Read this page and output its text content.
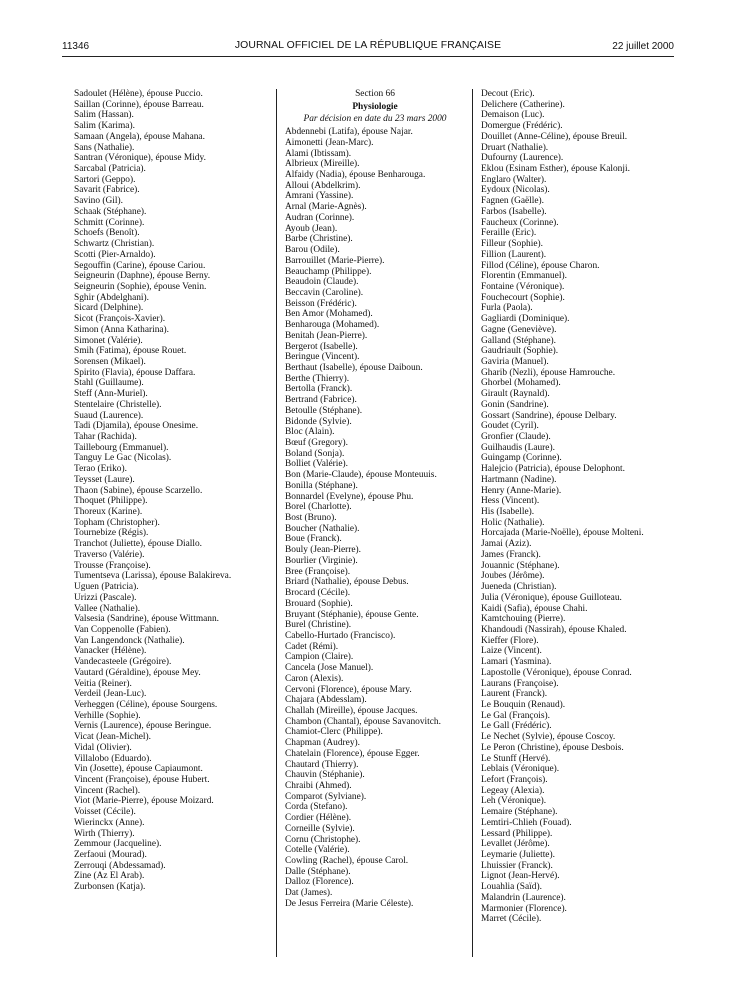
11346	JOURNAL OFFICIEL DE LA RÉPUBLIQUE FRANÇAISE	22 juillet 2000
Sadoulet (Hélène), épouse Puccio.
Saillan (Corinne), épouse Barreau.
Salim (Hassan).
Salim (Karima).
Samaan (Angela), épouse Mahana.
Sans (Nathalie).
Santran (Véronique), épouse Midy.
Sarcabal (Patricia).
Sartori (Geppo).
Savarit (Fabrice).
Savino (Gil).
Schaak (Stéphane).
Schmitt (Corinne).
Schoefs (Benoît).
Schwartz (Christian).
Scotti (Pier-Arnaldo).
Segouffin (Carine), épouse Cariou.
Seigneurin (Daphne), épouse Berny.
Seigneurin (Sophie), épouse Venin.
Sghir (Abdelghani).
Sicard (Delphine).
Sicot (François-Xavier).
Simon (Anna Katharina).
Simonet (Valérie).
Smih (Fatima), épouse Rouet.
Sorensen (Mikael).
Spirito (Flavia), épouse Daffara.
Stahl (Guillaume).
Steff (Ann-Muriel).
Stentelaire (Christelle).
Suaud (Laurence).
Tadi (Djamila), épouse Onesime.
Tahar (Rachida).
Taillebourg (Emmanuel).
Tanguy Le Gac (Nicolas).
Terao (Eriko).
Teysset (Laure).
Thaon (Sabine), épouse Scarzello.
Thoquet (Philippe).
Thoreux (Karine).
Topham (Christopher).
Tournebize (Régis).
Tranchot (Juliette), épouse Diallo.
Traverso (Valérie).
Trousse (Françoise).
Tumentseva (Larissa), épouse Balakireva.
Uguen (Patricia).
Urizzi (Pascale).
Vallee (Nathalie).
Valsesia (Sandrine), épouse Wittmann.
Van Coppenolle (Fabien).
Van Langendonck (Nathalie).
Vanacker (Hélène).
Vandecasteele (Grégoire).
Vautard (Géraldine), épouse Mey.
Veitia (Reiner).
Verdeil (Jean-Luc).
Verheggen (Céline), épouse Sourgens.
Verhille (Sophie).
Vernis (Laurence), épouse Beringue.
Vicat (Jean-Michel).
Vidal (Olivier).
Villalobo (Eduardo).
Vin (Josette), épouse Capiaumont.
Vincent (Françoise), épouse Hubert.
Vincent (Rachel).
Viot (Marie-Pierre), épouse Moizard.
Voisset (Cécile).
Wierinckx (Anne).
Wirth (Thierry).
Zemmour (Jacqueline).
Zerfaoui (Mourad).
Zerrouqi (Abdessamad).
Zine (Az El Arab).
Zurbonsen (Katja).
Section 66
Physiologie
Par décision en date du 23 mars 2000
Abdennebi (Latifa), épouse Najar.
Aimonetti (Jean-Marc).
Alami (Ibtissam).
Albrieux (Mireille).
Alfaidy (Nadia), épouse Benharouga.
Alloui (Abdelkrim).
Amrani (Yassine).
Arnal (Marie-Agnès).
Audran (Corinne).
Ayoub (Jean).
Barbe (Christine).
Barou (Odile).
Barrouillet (Marie-Pierre).
Beauchamp (Philippe).
Beaudoin (Claude).
Beccavin (Caroline).
Beisson (Frédéric).
Ben Amor (Mohamed).
Benharouga (Mohamed).
Benitah (Jean-Pierre).
Bergerot (Isabelle).
Beringue (Vincent).
Berthaut (Isabelle), épouse Daiboun.
Berthe (Thierry).
Bertolla (Franck).
Bertrand (Fabrice).
Betoulle (Stéphane).
Bidonde (Sylvie).
Bloc (Alain).
Bœuf (Gregory).
Boland (Sonja).
Bolliet (Valérie).
Bon (Marie-Claude), épouse Monteuuis.
Bonilla (Stéphane).
Bonnardel (Evelyne), épouse Phu.
Borel (Charlotte).
Bost (Bruno).
Boucher (Nathalie).
Boue (Franck).
Bouly (Jean-Pierre).
Bourlier (Virginie).
Bree (Françoise).
Briard (Nathalie), épouse Debus.
Brocard (Cécile).
Brouard (Sophie).
Bruyant (Stéphanie), épouse Gente.
Burel (Christine).
Cabello-Hurtado (Francisco).
Cadet (Rémi).
Campion (Claire).
Cancela (Jose Manuel).
Caron (Alexis).
Cervoni (Florence), épouse Mary.
Chajara (Abdesslam).
Challah (Mireille), épouse Jacques.
Chambon (Chantal), épouse Savanovitch.
Chamiot-Clerc (Philippe).
Chapman (Audrey).
Chatelain (Florence), épouse Egger.
Chautard (Thierry).
Chauvin (Stéphanie).
Chraibi (Ahmed).
Comparot (Sylviane).
Corda (Stefano).
Cordier (Hélène).
Corneille (Sylvie).
Cornu (Christophe).
Cotelle (Valérie).
Cowling (Rachel), épouse Carol.
Dalle (Stéphane).
Dalloz (Florence).
Dat (James).
De Jesus Ferreira (Marie Céleste).
Decout (Eric).
Delichere (Catherine).
Demaison (Luc).
Domergue (Frédéric).
Douillet (Anne-Céline), épouse Breuil.
Druart (Nathalie).
Dufourny (Laurence).
Eklou (Esinam Esther), épouse Kalonji.
Englaro (Walter).
Eydoux (Nicolas).
Fagnen (Gaëlle).
Farbos (Isabelle).
Faucheux (Corinne).
Feraille (Eric).
Filleur (Sophie).
Fillion (Laurent).
Fillod (Céline), épouse Charon.
Florentin (Emmanuel).
Fontaine (Véronique).
Fouchecourt (Sophie).
Furla (Paola).
Gagliardi (Dominique).
Gagne (Geneviève).
Galland (Stéphane).
Gaudriault (Sophie).
Gaviria (Manuel).
Gharib (Nezli), épouse Hamrouche.
Ghorbel (Mohamed).
Girault (Raynald).
Gonin (Sandrine).
Gossart (Sandrine), épouse Delbary.
Goudet (Cyril).
Gronfier (Claude).
Guilhaudis (Laure).
Guingamp (Corinne).
Halejcio (Patricia), épouse Delophont.
Hartmann (Nadine).
Henry (Anne-Marie).
Hess (Vincent).
His (Isabelle).
Holic (Nathalie).
Horcajada (Marie-Noëlle), épouse Molteni.
Jamai (Aziz).
James (Franck).
Jouannic (Stéphane).
Joubes (Jérôme).
Jueneda (Christian).
Julia (Véronique), épouse Guilloteau.
Kaidi (Safia), épouse Chahi.
Kamtchouing (Pierre).
Khandoudi (Nassirah), épouse Khaled.
Kieffer (Flore).
Laize (Vincent).
Lamari (Yasmina).
Lapostolle (Véronique), épouse Conrad.
Laurans (Françoise).
Laurent (Franck).
Le Bouquin (Renaud).
Le Gal (François).
Le Gall (Frédéric).
Le Nechet (Sylvie), épouse Coscoy.
Le Peron (Christine), épouse Desbois.
Le Stunff (Hervé).
Leblais (Véronique).
Lefort (François).
Legeay (Alexia).
Leh (Véronique).
Lemaire (Stéphane).
Lemtiri-Chlieh (Fouad).
Lessard (Philippe).
Levallet (Jérôme).
Leymarie (Juliette).
Lhuissier (Franck).
Lignot (Jean-Hervé).
Louahlia (Saïd).
Malandrin (Laurence).
Marmonier (Florence).
Marret (Cécile).
